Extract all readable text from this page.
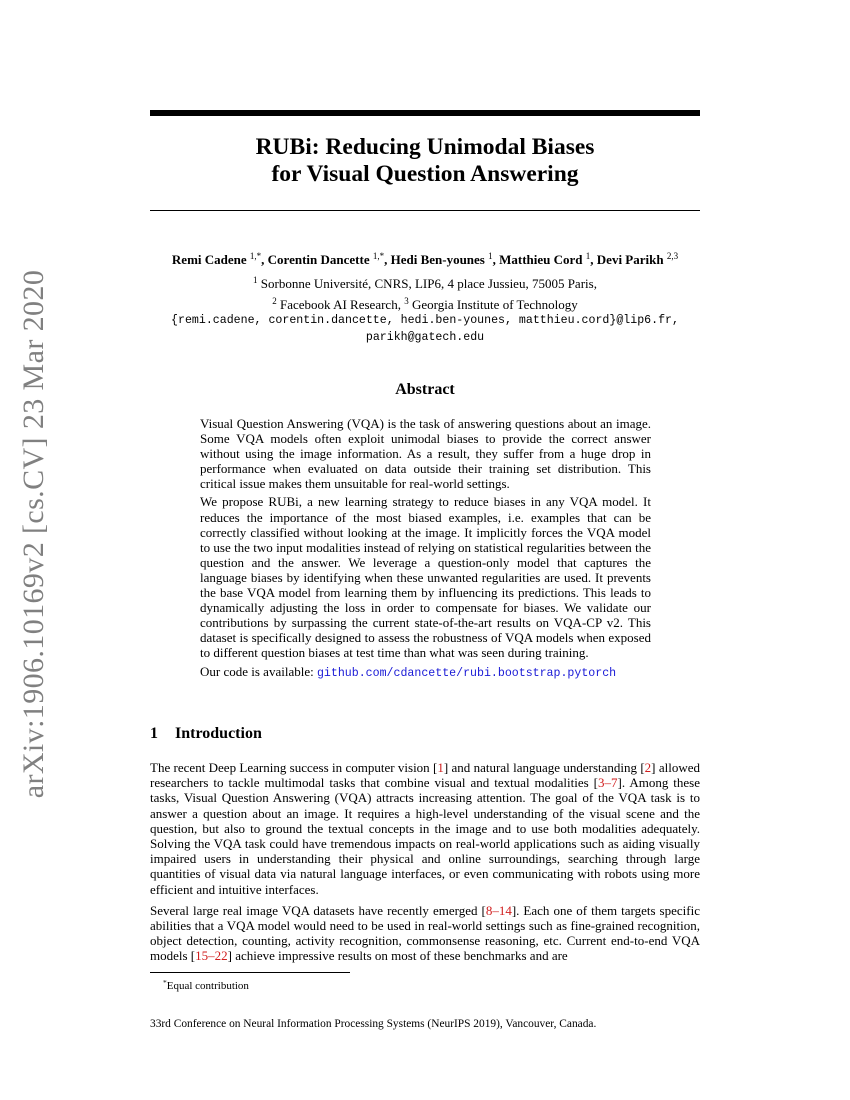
arXiv:1906.10169v2 [cs.CV] 23 Mar 2020
RUBi: Reducing Unimodal Biases
for Visual Question Answering
Remi Cadene $^{1,*}$, Corentin Dancette $^{1,*}$, Hedi Ben-younes $^1$, Matthieu Cord $^1$, Devi Parikh $^{2,3}$
$^1$ Sorbonne Université, CNRS, LIP6, 4 place Jussieu, 75005 Paris,
$^2$ Facebook AI Research, $^3$ Georgia Institute of Technology
{remi.cadene, corentin.dancette, hedi.ben-younes, matthieu.cord}@lip6.fr,
parikh@gatech.edu
Abstract

Visual Question Answering (VQA) is the task of answering questions about an image. Some VQA models often exploit unimodal biases to provide the correct answer without using the image information. As a result, they suffer from a huge drop in performance when evaluated on data outside their training set distribution. This critical issue makes them unsuitable for real-world settings.

We propose RUBi, a new learning strategy to reduce biases in any VQA model. It reduces the importance of the most biased examples, i.e. examples that can be correctly classified without looking at the image. It implicitly forces the VQA model to use the two input modalities instead of relying on statistical regularities between the question and the answer. We leverage a question-only model that captures the language biases by identifying when these unwanted regularities are used. It prevents the base VQA model from learning them by influencing its predictions. This leads to dynamically adjusting the loss in order to compensate for biases. We validate our contributions by surpassing the current state-of-the-art results on VQA-CP v2. This dataset is specifically designed to assess the robustness of VQA models when exposed to different question biases at test time than what was seen during training.

Our code is available: github.com/cdancette/rubi.bootstrap.pytorch

1 Introduction

The recent Deep Learning success in computer vision [1] and natural language understanding [2] allowed researchers to tackle multimodal tasks that combine visual and textual modalities [3–7]. Among these tasks, Visual Question Answering (VQA) attracts increasing attention. The goal of the VQA task is to answer a question about an image. It requires a high-level understanding of the visual scene and the question, but also to ground the textual concepts in the image and to use both modalities adequately. Solving the VQA task could have tremendous impacts on real-world applications such as aiding visually impaired users in understanding their physical and online surroundings, searching through large quantities of visual data via natural language interfaces, or even communicating with robots using more efficient and intuitive interfaces.

Several large real image VQA datasets have recently emerged [8–14]. Each one of them targets specific abilities that a VQA model would need to be used in real-world settings such as fine-grained recognition, object detection, counting, activity recognition, commonsense reasoning, etc. Current end-to-end VQA models [15–22] achieve impressive results on most of these benchmarks and are

*Equal contribution
33rd Conference on Neural Information Processing Systems (NeurIPS 2019), Vancouver, Canada.
